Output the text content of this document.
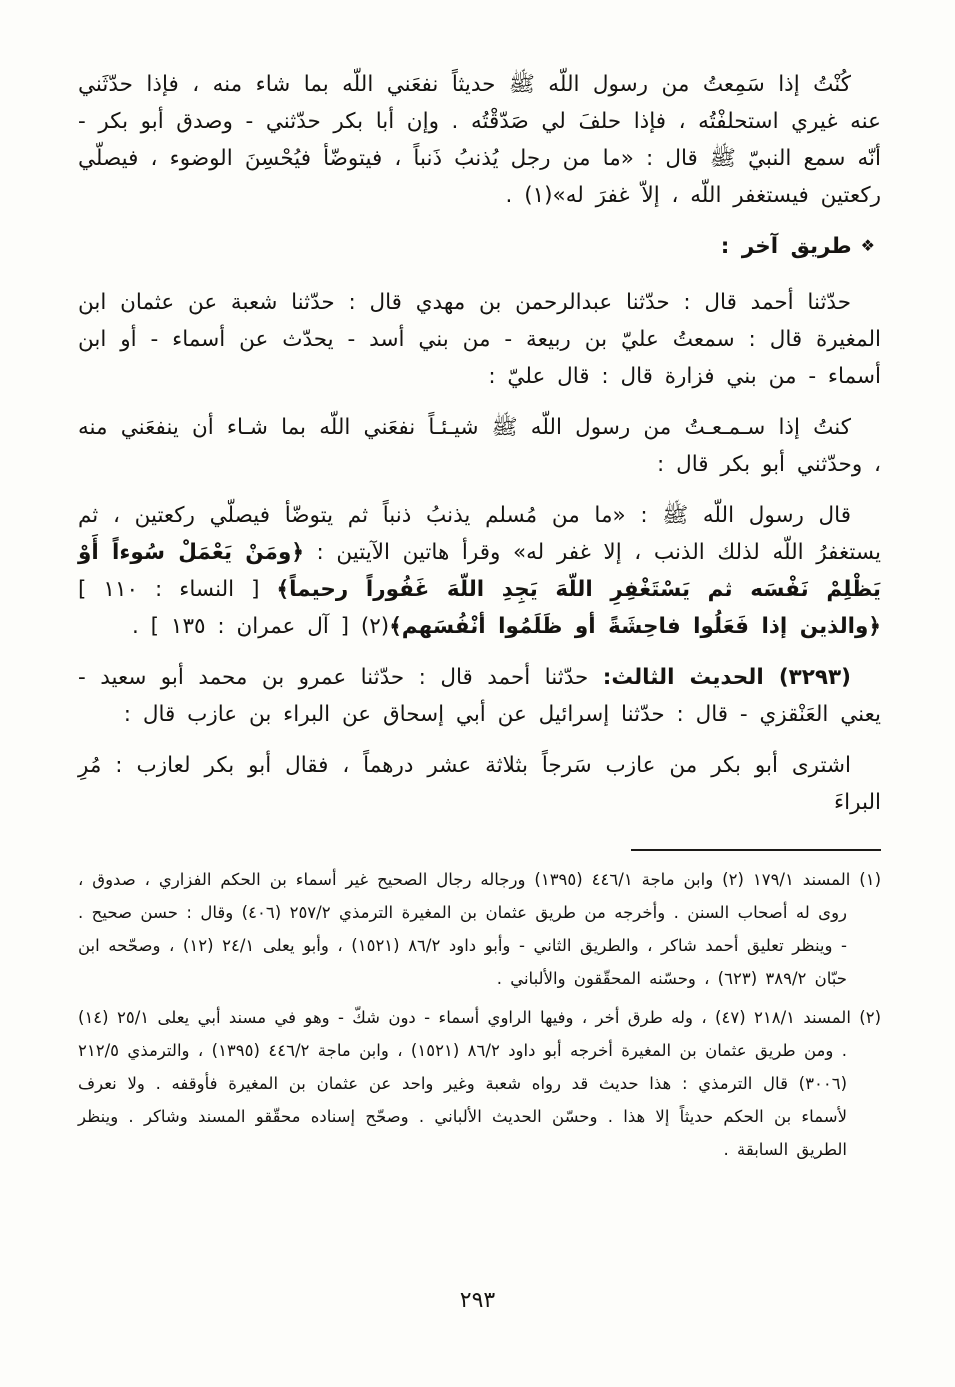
كُنْتُ إذا سَمِعتُ من رسول اللّه ﷺ حديثاً نفعَني اللّه بما شاء منه ، فإذا حدّثَني عنه غيري استحلفْتُه ، فإذا حلفَ لي صَدّقْتُه . وإن أبا بكر حدّثني - وصدق أبو بكر - أنّه سمع النبيّ ﷺ قال : «ما من رجل يُذنبُ ذَنباً ، فيتوضّأ فيُحْسِنَ الوضوء ، فيصلّي ركعتين فيستغفر اللّه ، إلاّ غفرَ له»(١) .

❖طريق آخر :

حدّثنا أحمد قال : حدّثنا عبدالرحمن بن مهدي قال : حدّثنا شعبة عن عثمان ابن المغيرة قال : سمعتُ عليّ بن ربيعة - من بني أسد - يحدّث عن أسماء - أو ابن أسماء - من بني فزارة قال : قال عليّ :

كنتُ إذا سـمـعـتُ من رسول اللّه ﷺ شيـئـاً نفعَني اللّه بما شـاء أن ينفعَني منه ، وحدّثني أبو بكر قال :

قال رسول اللّه ﷺ : «ما من مُسلم يذنبُ ذنباً ثم يتوضّأ فيصلّي ركعتين ، ثم يستغفرُ اللّه لذلك الذنب ، إلا غفر له» وقرأ هاتين الآيتين : ﴿ومَنْ يَعْمَلْ سُوءاً أَوْ يَظْلِمْ نَفْسَه ثم يَسْتَغْفِرِ اللّهَ يَجِدِ اللّهَ غَفُوراً رحيماً﴾ [ النساء : ١١٠ ] ﴿والذين إذا فَعَلُوا فاحِشَةً أو ظَلَمُوا أنْفُسَهم﴾(٢) [ آل عمران : ١٣٥ ] .

(٣٢٩٣) الحديث الثالث: حدّثنا أحمد قال : حدّثنا عمرو بن محمد أبو سعيد - يعني العَنْقزي - قال : حدّثنا إسرائيل عن أبي إسحاق عن البراء بن عازب قال :

اشترى أبو بكر من عازب سَرجاً بثلاثة عشر درهماً ، فقال أبو بكر لعازب : مُرِ البراءَ

(١) المسند ١٧٩/١ (٢) وابن ماجة ٤٤٦/١ (١٣٩٥) ورجاله رجال الصحيح غير أسماء بن الحكم الفزاري ، صدوق ، روى له أصحاب السنن . وأخرجه من طريق عثمان بن المغيرة الترمذي ٢٥٧/٢ (٤٠٦) وقال : حسن صحيح . - وينظر تعليق أحمد شاكر ، والطريق الثاني - وأبو داود ٨٦/٢ (١٥٢١) ، وأبو يعلى ٢٤/١ (١٢) ، وصحّحه ابن حبّان ٣٨٩/٢ (٦٢٣) ، وحسّنه المحقّقون والألباني .

(٢) المسند ٢١٨/١ (٤٧) ، وله طرق أخر ، وفيها الراوي أسماء - دون شكّ - وهو في مسند أبي يعلى ٢٥/١ (١٤) . ومن طريق عثمان بن المغيرة أخرجه أبو داود ٨٦/٢ (١٥٢١) ، وابن ماجة ٤٤٦/٢ (١٣٩٥) ، والترمذي ٢١٢/٥ (٣٠٠٦) قال الترمذي : هذا حديث قد رواه شعبة وغير واحد عن عثمان بن المغيرة فأوقفه . ولا نعرف لأسماء بن الحكم حديثاً إلا هذا . وحسّن الحديث الألباني . وصحّح إسناده محقّقو المسند وشاكر . وينظر الطريق السابقة .

٢٩٣
